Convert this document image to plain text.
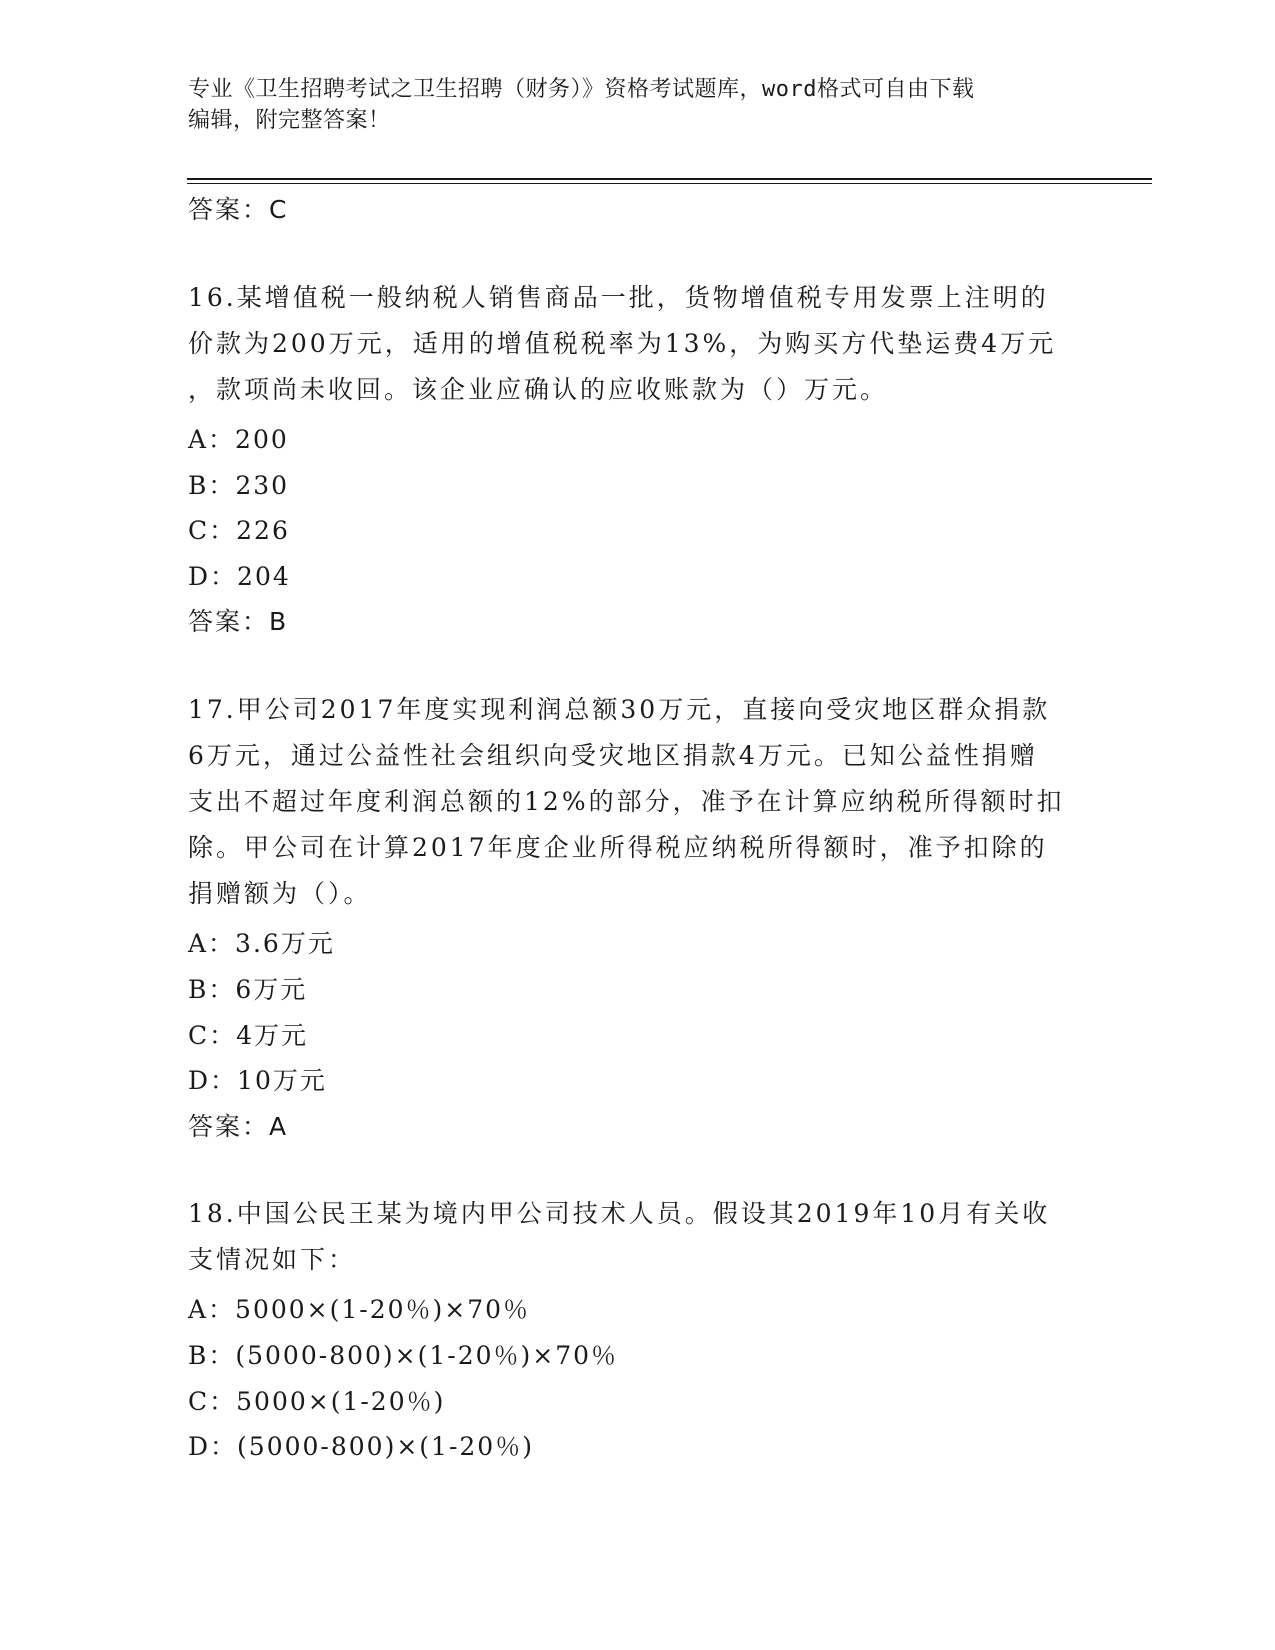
专业《卫生招聘考试之卫生招聘（财务）》资格考试题库，word格式可自由下载
编辑，附完整答案！
答案：C
16.某增值税一般纳税人销售商品一批，货物增值税专用发票上注明的
价款为200万元，适用的增值税税率为13%，为购买方代垫运费4万元
，款项尚未收回。该企业应确认的应收账款为（）万元。
A：200
B：230
C：226
D：204
答案：B
17.甲公司2017年度实现利润总额30万元，直接向受灾地区群众捐款
6万元，通过公益性社会组织向受灾地区捐款4万元。已知公益性捐赠
支出不超过年度利润总额的12%的部分，准予在计算应纳税所得额时扣
除。甲公司在计算2017年度企业所得税应纳税所得额时，准予扣除的
捐赠额为（）。
A：3.6万元
B：6万元
C：4万元
D：10万元
答案：A
18.中国公民王某为境内甲公司技术人员。假设其2019年10月有关收
支情况如下：
A：5000×(1-20％)×70％
B：(5000-800)×(1-20％)×70％
C：5000×(1-20％)
D：(5000-800)×(1-20％)
